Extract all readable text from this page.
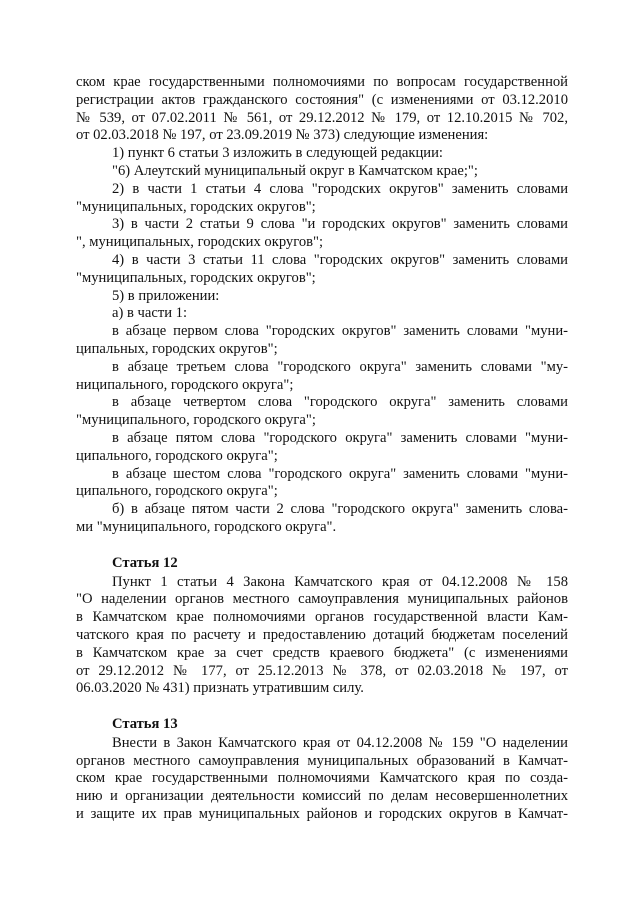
ском крае государственными полномочиями по вопросам государственной
регистрации актов гражданского состояния" (с изменениями от 03.12.2010
№ 539, от 07.02.2011 № 561, от 29.12.2012 № 179, от 12.10.2015 № 702,
от 02.03.2018 № 197, от 23.09.2019 № 373) следующие изменения:
1) пункт 6 статьи 3 изложить в следующей редакции:
"6) Алеутский муниципальный округ в Камчатском крае;";
2) в части 1 статьи 4 слова "городских округов" заменить словами
"муниципальных, городских округов";
3) в части 2 статьи 9 слова "и городских округов" заменить словами
", муниципальных, городских округов";
4) в части 3 статьи 11 слова "городских округов" заменить словами
"муниципальных, городских округов";
5) в приложении:
а) в части 1:
в абзаце первом слова "городских округов" заменить словами "муни-
ципальных, городских округов";
в абзаце третьем слова "городского округа" заменить словами "му-
ниципального, городского округа";
в абзаце четвертом слова "городского округа" заменить словами
"муниципального, городского округа";
в абзаце пятом слова "городского округа" заменить словами "муни-
ципального, городского округа";
в абзаце шестом слова "городского округа" заменить словами "муни-
ципального, городского округа";
б) в абзаце пятом части 2 слова "городского округа" заменить слова-
ми "муниципального, городского округа".
Статья 12
Пункт 1 статьи 4 Закона Камчатского края от 04.12.2008 № 158
"О наделении органов местного самоуправления муниципальных районов
в Камчатском крае полномочиями органов государственной власти Кам-
чатского края по расчету и предоставлению дотаций бюджетам поселений
в Камчатском крае за счет средств краевого бюджета" (с изменениями
от 29.12.2012 № 177, от 25.12.2013 № 378, от 02.03.2018 № 197, от
06.03.2020 № 431) признать утратившим силу.
Статья 13
Внести в Закон Камчатского края от 04.12.2008 № 159 "О наделении
органов местного самоуправления муниципальных образований в Камчат-
ском крае государственными полномочиями Камчатского края по созда-
нию и организации деятельности комиссий по делам несовершеннолетних
и защите их прав муниципальных районов и городских округов в Камчат-
